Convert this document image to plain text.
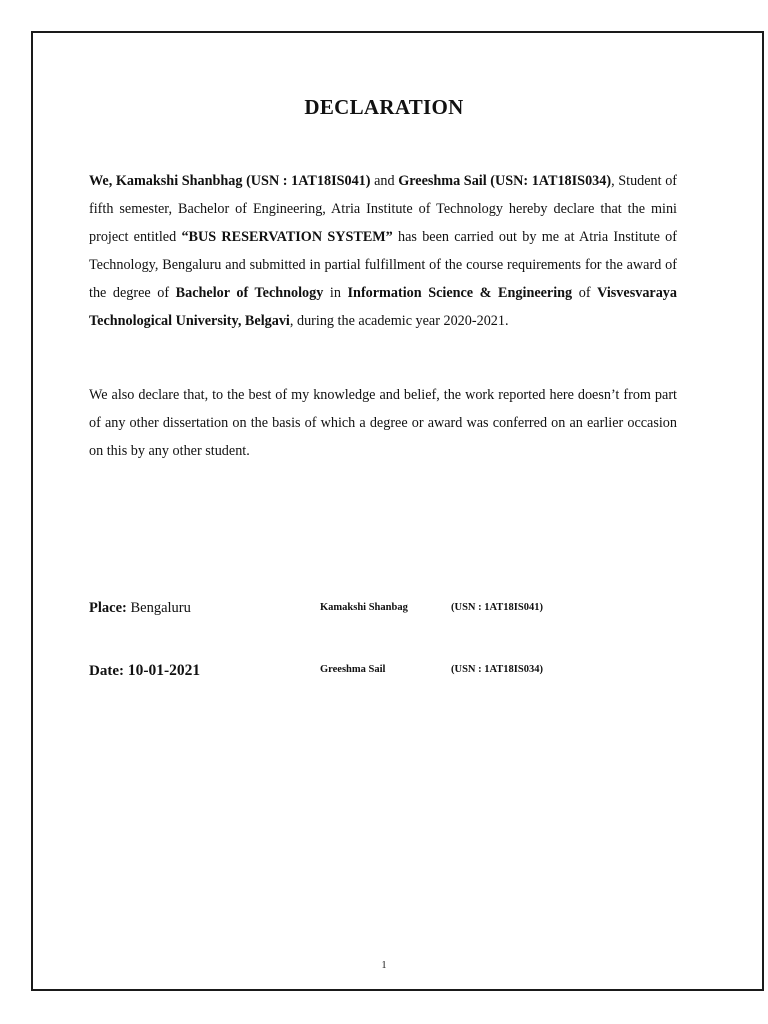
DECLARATION

We, Kamakshi Shanbhag (USN : 1AT18IS041) and Greeshma Sail (USN: 1AT18IS034), Student of fifth semester, Bachelor of Engineering, Atria Institute of Technology hereby declare that the mini project entitled “BUS RESERVATION SYSTEM” has been carried out by me at Atria Institute of Technology, Bengaluru and submitted in partial fulfillment of the course requirements for the award of the degree of Bachelor of Technology in Information Science & Engineering of Visvesvaraya Technological University, Belgavi, during the academic year 2020-2021.

We also declare that, to the best of my knowledge and belief, the work reported here doesn’t from part of any other dissertation on the basis of which a degree or award was conferred on an earlier occasion on this by any other student.

Place: Bengaluru	Kamakshi Shanbag	(USN : 1AT18IS041)
Date: 10-01-2021	Greeshma Sail	(USN : 1AT18IS034)
1
